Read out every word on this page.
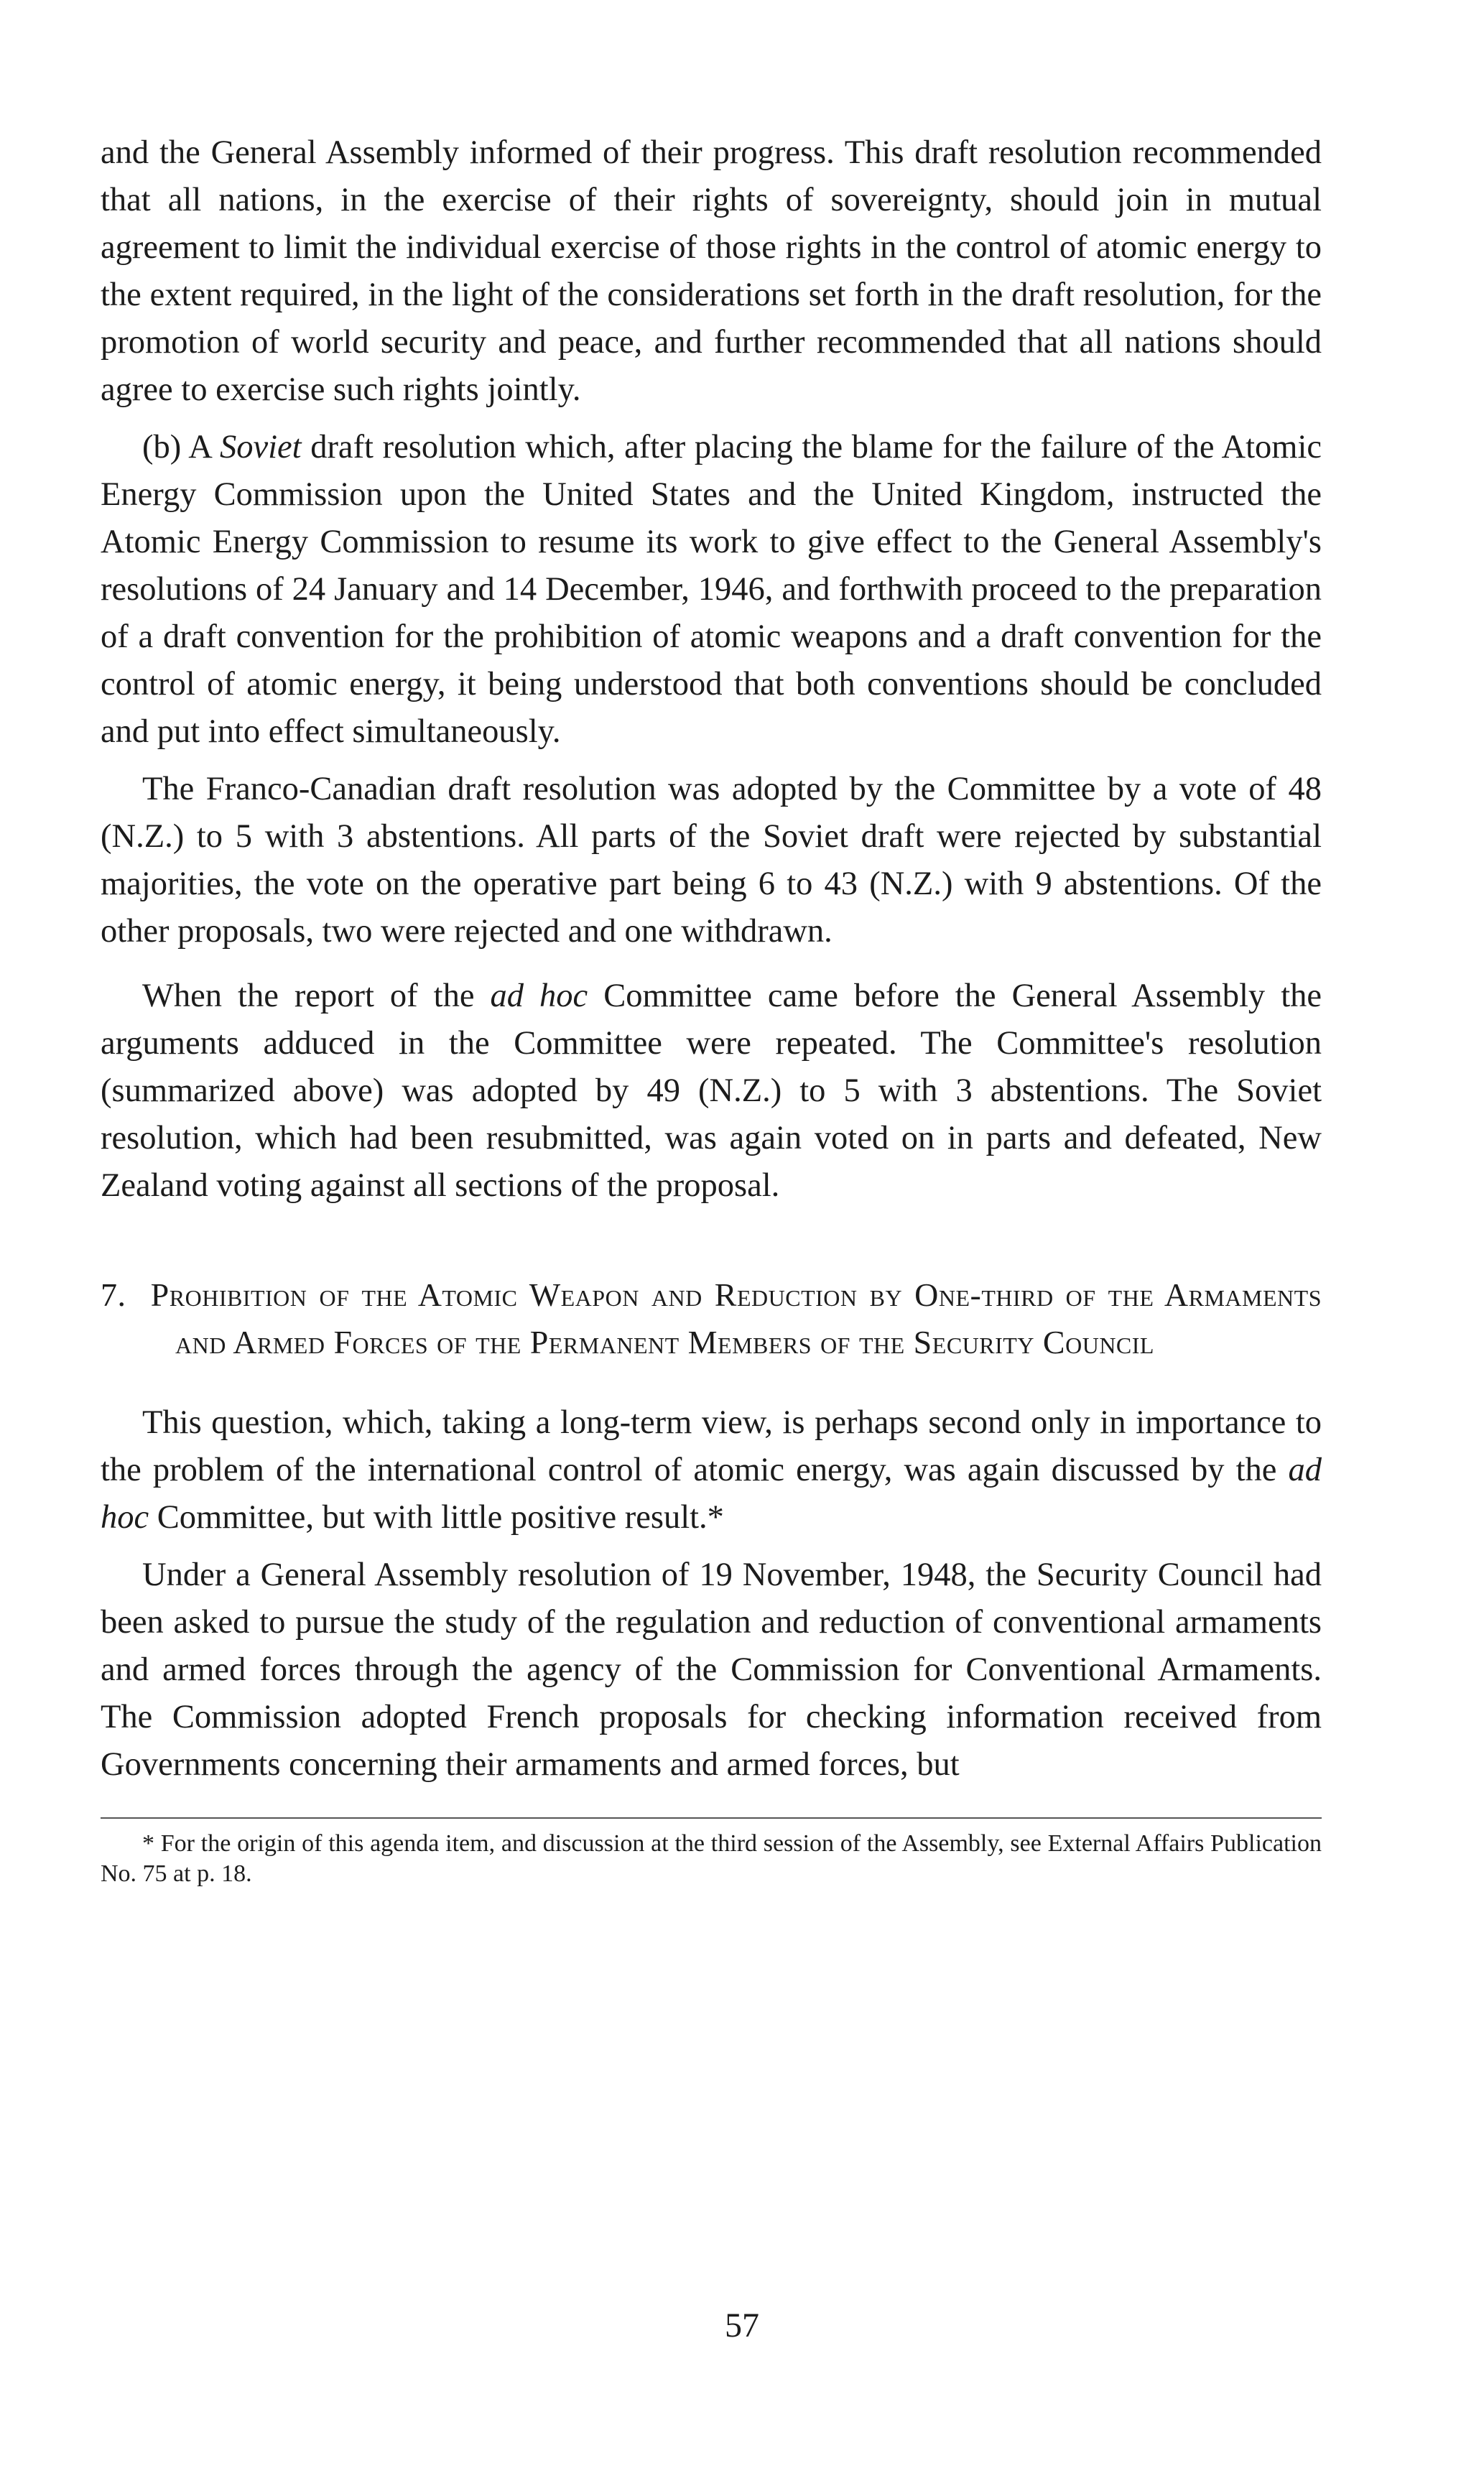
and the General Assembly informed of their progress. This draft resolution recommended that all nations, in the exercise of their rights of sovereignty, should join in mutual agreement to limit the individual exercise of those rights in the control of atomic energy to the extent required, in the light of the considerations set forth in the draft resolution, for the promotion of world security and peace, and further recommended that all nations should agree to exercise such rights jointly.

(b) A Soviet draft resolution which, after placing the blame for the failure of the Atomic Energy Commission upon the United States and the United Kingdom, instructed the Atomic Energy Commission to resume its work to give effect to the General Assembly's resolutions of 24 January and 14 December, 1946, and forthwith proceed to the preparation of a draft convention for the prohibition of atomic weapons and a draft convention for the control of atomic energy, it being understood that both conventions should be concluded and put into effect simultaneously.

The Franco-Canadian draft resolution was adopted by the Committee by a vote of 48 (N.Z.) to 5 with 3 abstentions. All parts of the Soviet draft were rejected by substantial majorities, the vote on the operative part being 6 to 43 (N.Z.) with 9 abstentions. Of the other proposals, two were rejected and one withdrawn.

When the report of the ad hoc Committee came before the General Assembly the arguments adduced in the Committee were repeated. The Committee's resolution (summarized above) was adopted by 49 (N.Z.) to 5 with 3 abstentions. The Soviet resolution, which had been resubmitted, was again voted on in parts and defeated, New Zealand voting against all sections of the proposal.

7. Prohibition of the Atomic Weapon and Reduction by One-third of the Armaments and Armed Forces of the Permanent Members of the Security Council

This question, which, taking a long-term view, is perhaps second only in importance to the problem of the international control of atomic energy, was again discussed by the ad hoc Committee, but with little positive result.*

Under a General Assembly resolution of 19 November, 1948, the Security Council had been asked to pursue the study of the regulation and reduction of conventional armaments and armed forces through the agency of the Commission for Conventional Armaments. The Commission adopted French proposals for checking information received from Governments concerning their armaments and armed forces, but

* For the origin of this agenda item, and discussion at the third session of the Assembly, see External Affairs Publication No. 75 at p. 18.

57
